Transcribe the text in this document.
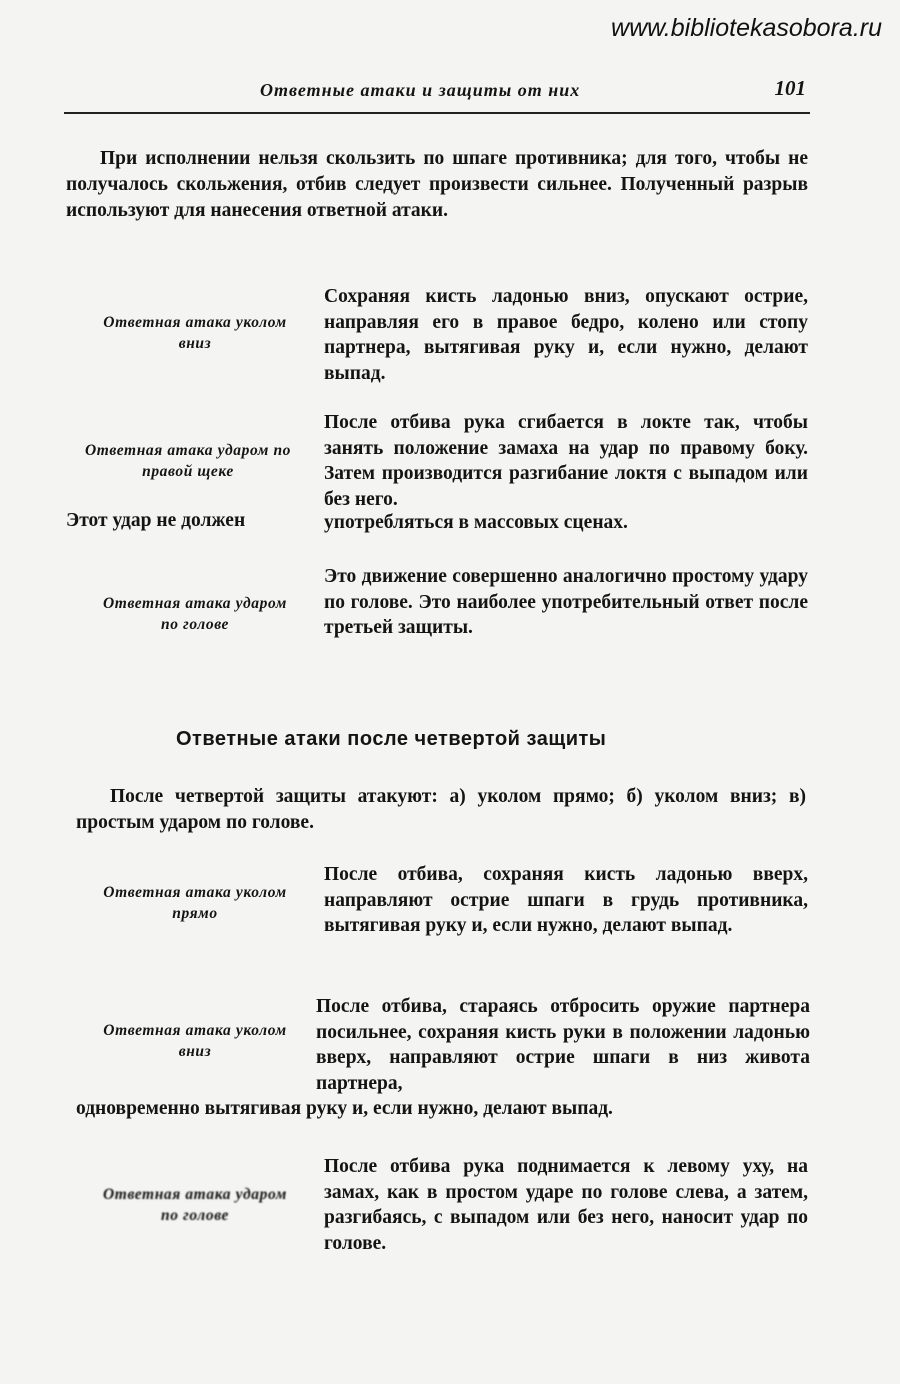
www.bibliotekasobora.ru
Ответные атаки и защиты от них	101
При исполнении нельзя скользить по шпаге противника; для того, чтобы не получалось скольжения, отбив следует произвести сильнее. Полученный разрыв используют для нанесения ответной атаки.
Ответная атака уколом вниз
Сохраняя кисть ладонью вниз, опускают острие, направляя его в правое бедро, колено или стопу партнера, вытягивая руку и, если нужно, делают выпад.
Ответная атака ударом по правой щеке
После отбива рука сгибается в локте так, чтобы занять положение замаха на удар по правому боку. Затем производится разгибание локтя с выпадом или без него.
Этот удар не должен	употребляться в массовых сценах.
Ответная атака ударом по голове
Это движение совершенно аналогично простому удару по голове. Это наиболее употребительный ответ после третьей защиты.
Ответные атаки после четвертой защиты
После четвертой защиты атакуют: а) уколом прямо; б) уколом вниз; в) простым ударом по голове.
Ответная атака уколом прямо
После отбива, сохраняя кисть ладонью вверх, направляют острие шпаги в грудь противника, вытягивая руку и, если нужно, делают выпад.
Ответная атака уколом вниз
После отбива, стараясь отбросить оружие партнера посильнее, сохраняя кисть руки в положении ладонью вверх, направляют острие шпаги в низ живота партнера,
одновременно вытягивая руку и, если нужно, делают выпад.
Ответная атака ударом по голове
После отбива рука поднимается к левому уху, на замах, как в простом ударе по голове слева, а затем, разгибаясь, с выпадом или без него, наносит удар по голове.
